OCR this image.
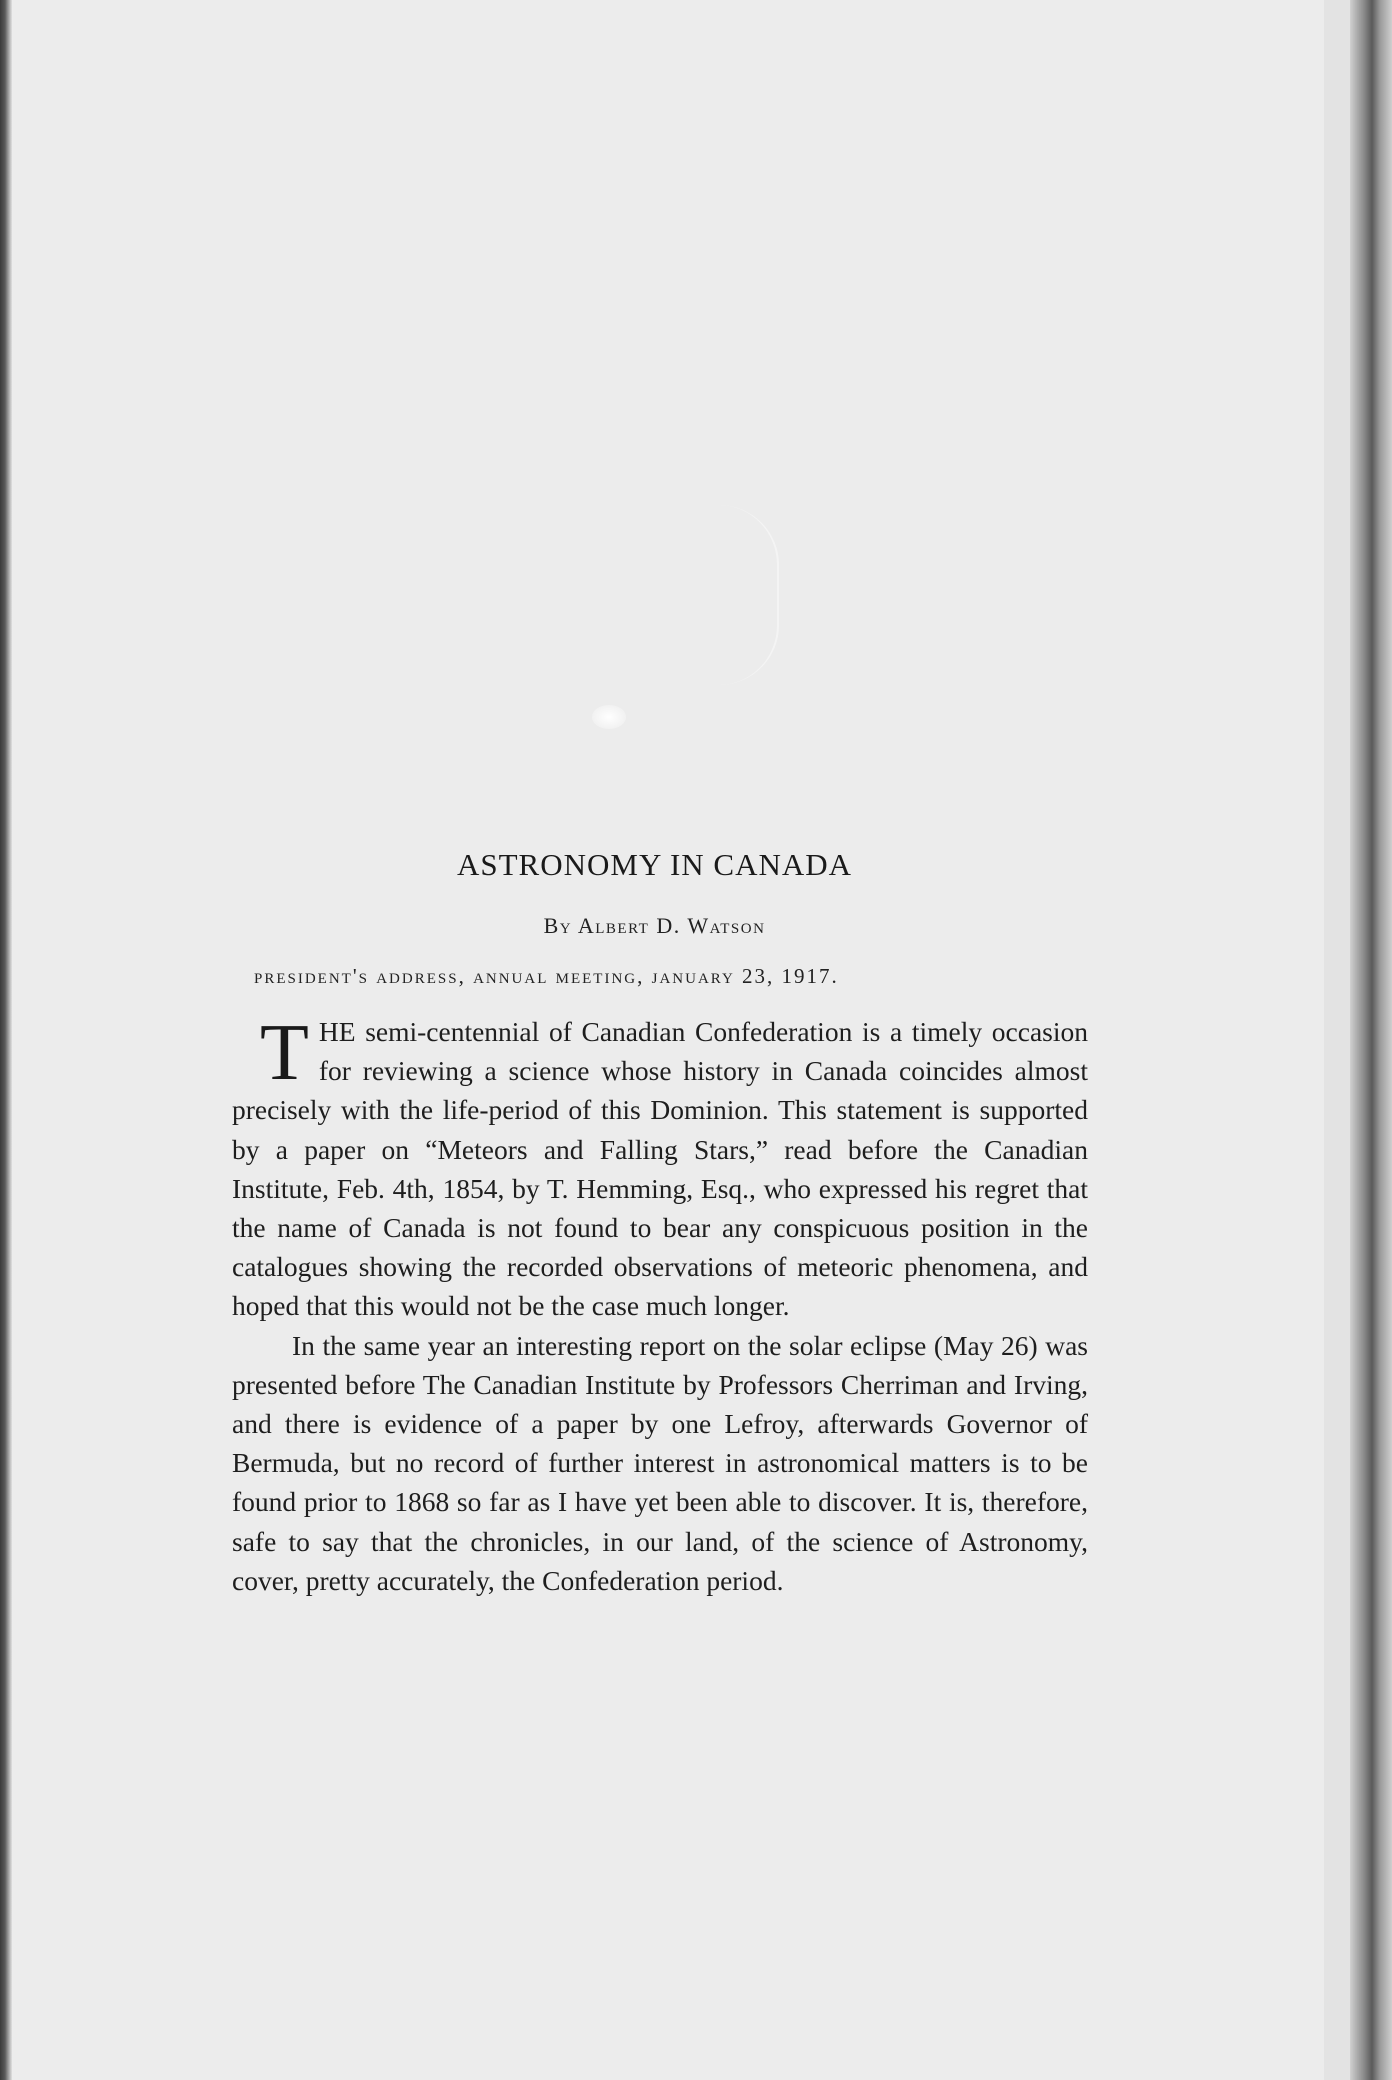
ASTRONOMY IN CANADA

By Albert D. Watson

president's address, annual meeting, january 23, 1917.

THE semi-centennial of Canadian Confederation is a timely occasion for reviewing a science whose history in Canada coincides almost precisely with the life-period of this Dominion. This statement is supported by a paper on “Meteors and Falling Stars,” read before the Canadian Institute, Feb. 4th, 1854, by T. Hemming, Esq., who expressed his regret that the name of Canada is not found to bear any conspicuous position in the catalogues showing the recorded observations of meteoric phenomena, and hoped that this would not be the case much longer.

In the same year an interesting report on the solar eclipse (May 26) was presented before The Canadian Institute by Professors Cherriman and Irving, and there is evidence of a paper by one Lefroy, afterwards Governor of Bermuda, but no record of further interest in astronomical matters is to be found prior to 1868 so far as I have yet been able to discover. It is, therefore, safe to say that the chronicles, in our land, of the science of Astronomy, cover, pretty accurately, the Confederation period.
